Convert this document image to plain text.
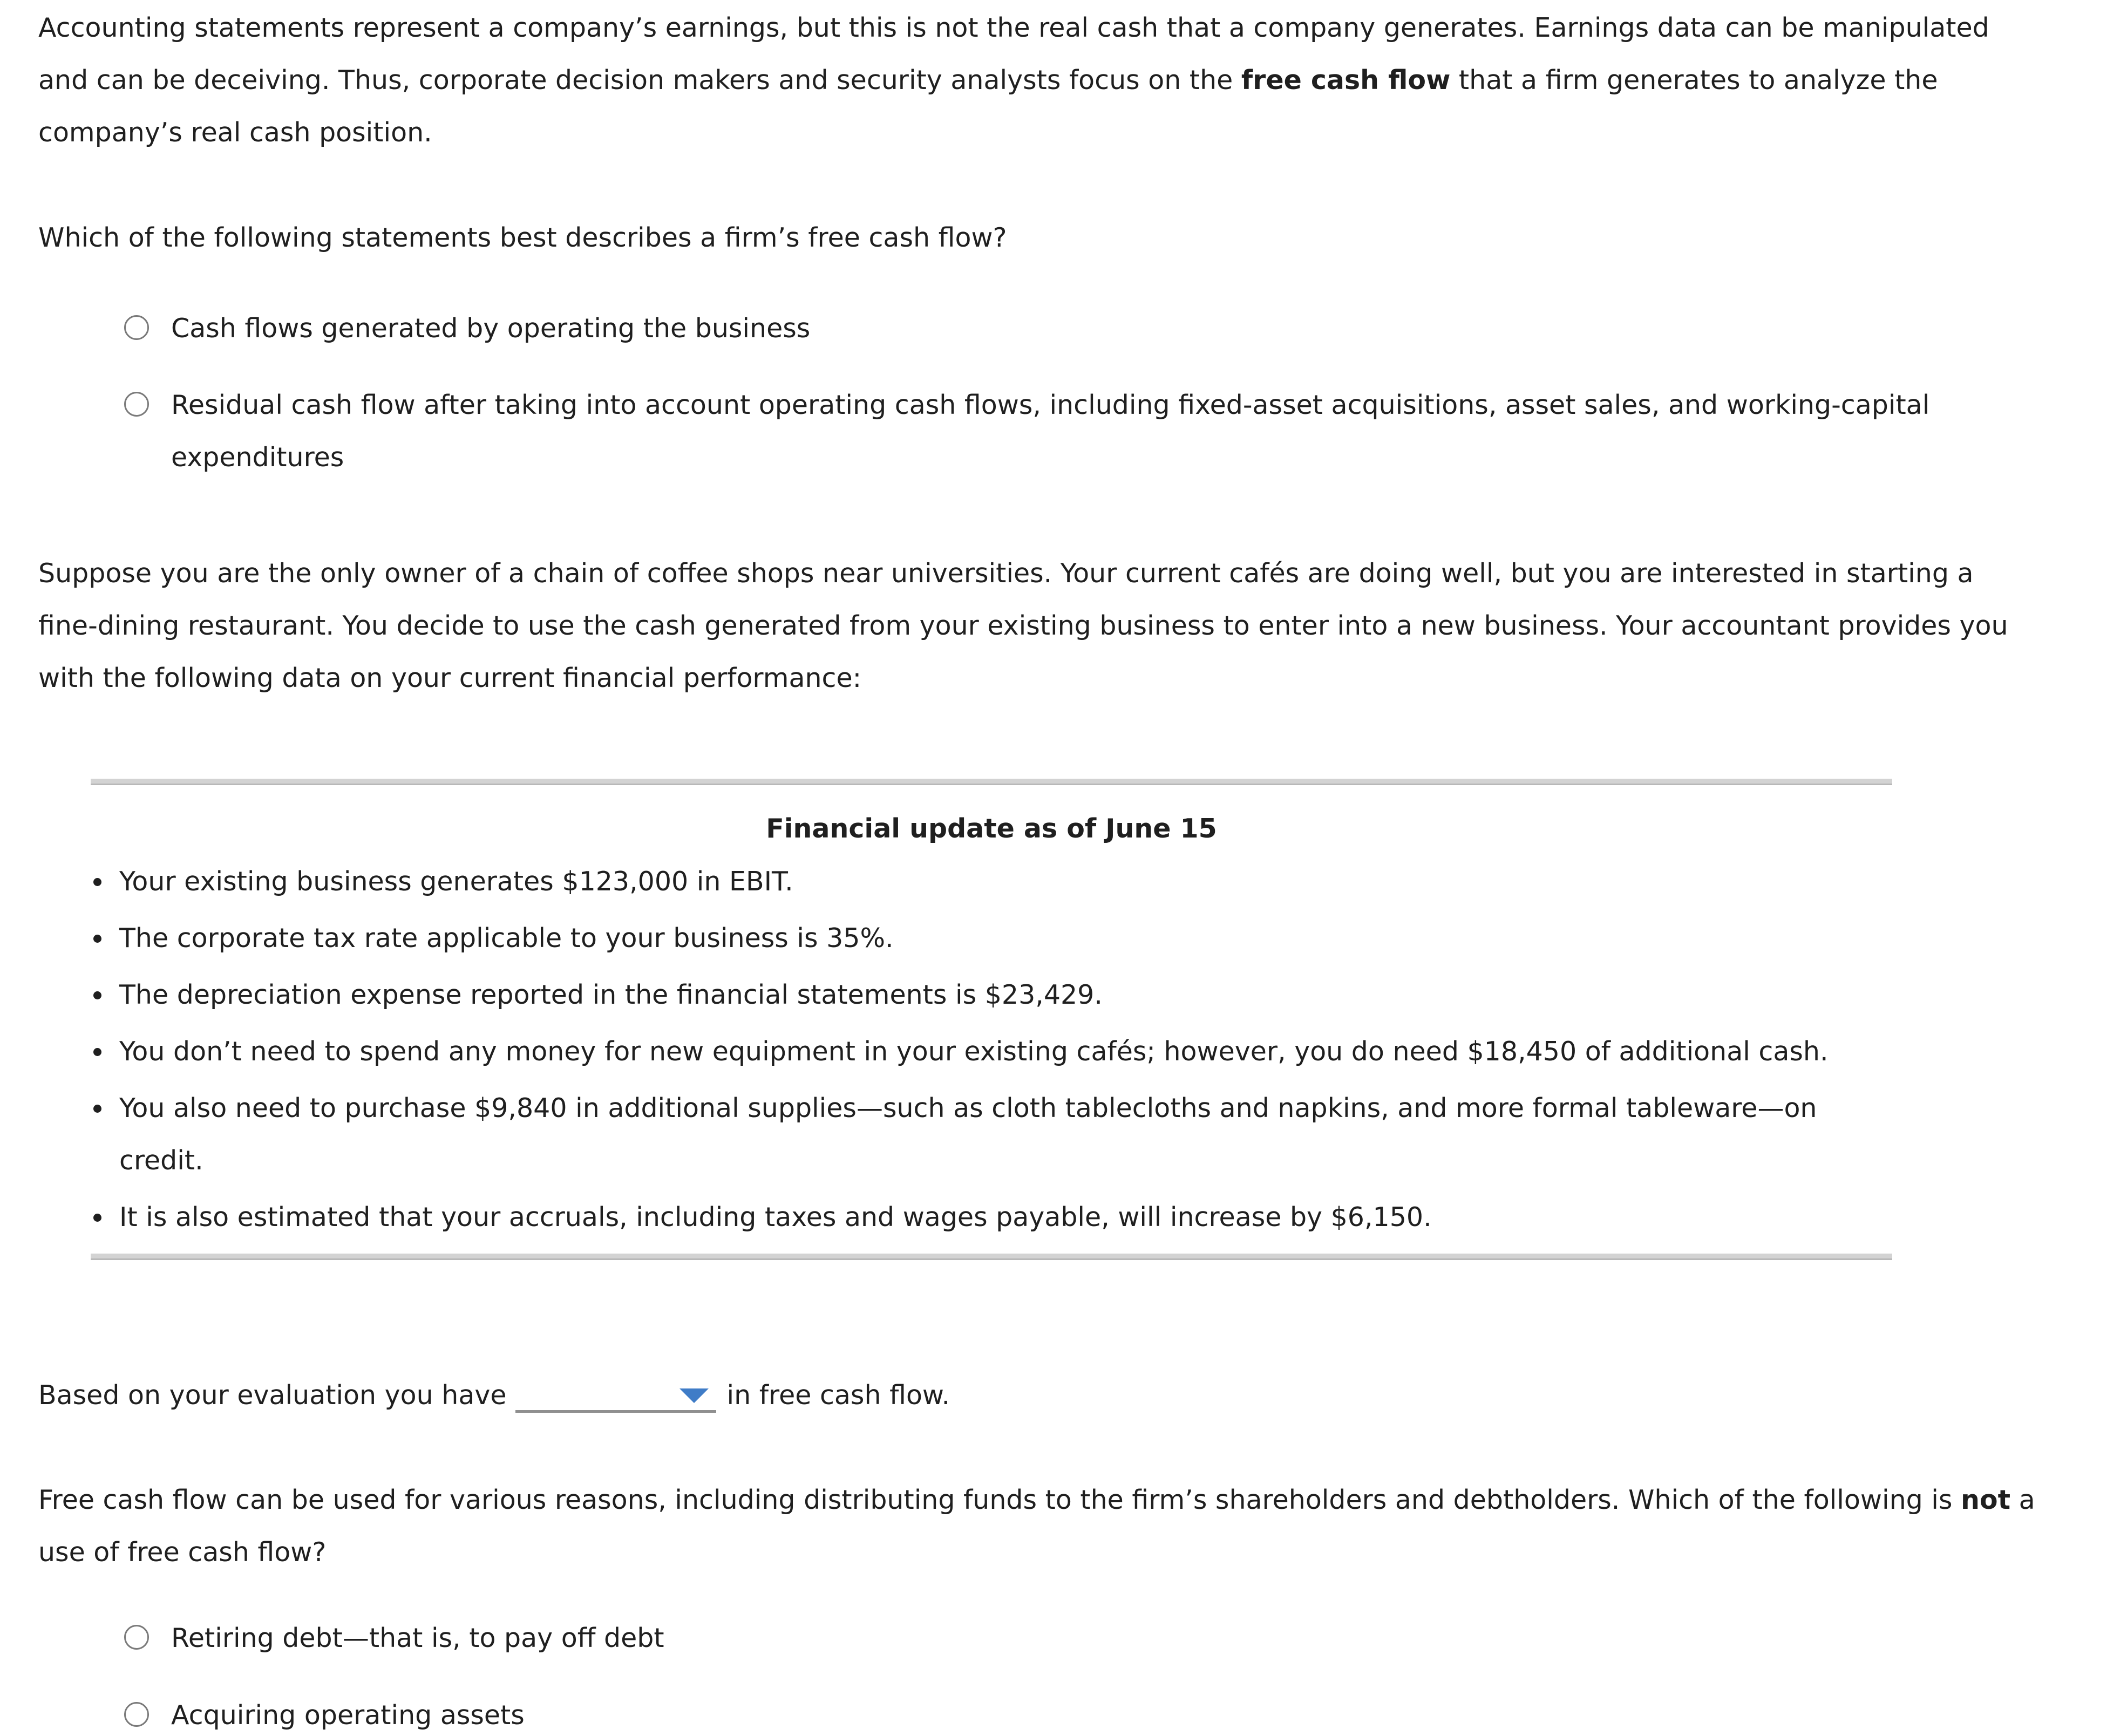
Accounting statements represent a company’s earnings, but this is not the real cash that a company generates. Earnings data can be manipulated and can be deceiving. Thus, corporate decision makers and security analysts focus on the free cash flow that a firm generates to analyze the company’s real cash position.

Which of the following statements best describes a firm’s free cash flow?

Cash flows generated by operating the business
Residual cash flow after taking into account operating cash flows, including fixed-asset acquisitions, asset sales, and working-capital expenditures

Suppose you are the only owner of a chain of coffee shops near universities. Your current cafés are doing well, but you are interested in starting a fine-dining restaurant. You decide to use the cash generated from your existing business to enter into a new business. Your accountant provides you with the following data on your current financial performance:

Financial update as of June 15
Your existing business generates $123,000 in EBIT.
The corporate tax rate applicable to your business is 35%.
The depreciation expense reported in the financial statements is $23,429.
You don’t need to spend any money for new equipment in your existing cafés; however, you do need $18,450 of additional cash.
You also need to purchase $9,840 in additional supplies—such as cloth tablecloths and napkins, and more formal tableware—on credit.
It is also estimated that your accruals, including taxes and wages payable, will increase by $6,150.
Based on your evaluation you have	in free cash flow.

Free cash flow can be used for various reasons, including distributing funds to the firm’s shareholders and debtholders. Which of the following is not a use of free cash flow?

Retiring debt—that is, to pay off debt
Acquiring operating assets
